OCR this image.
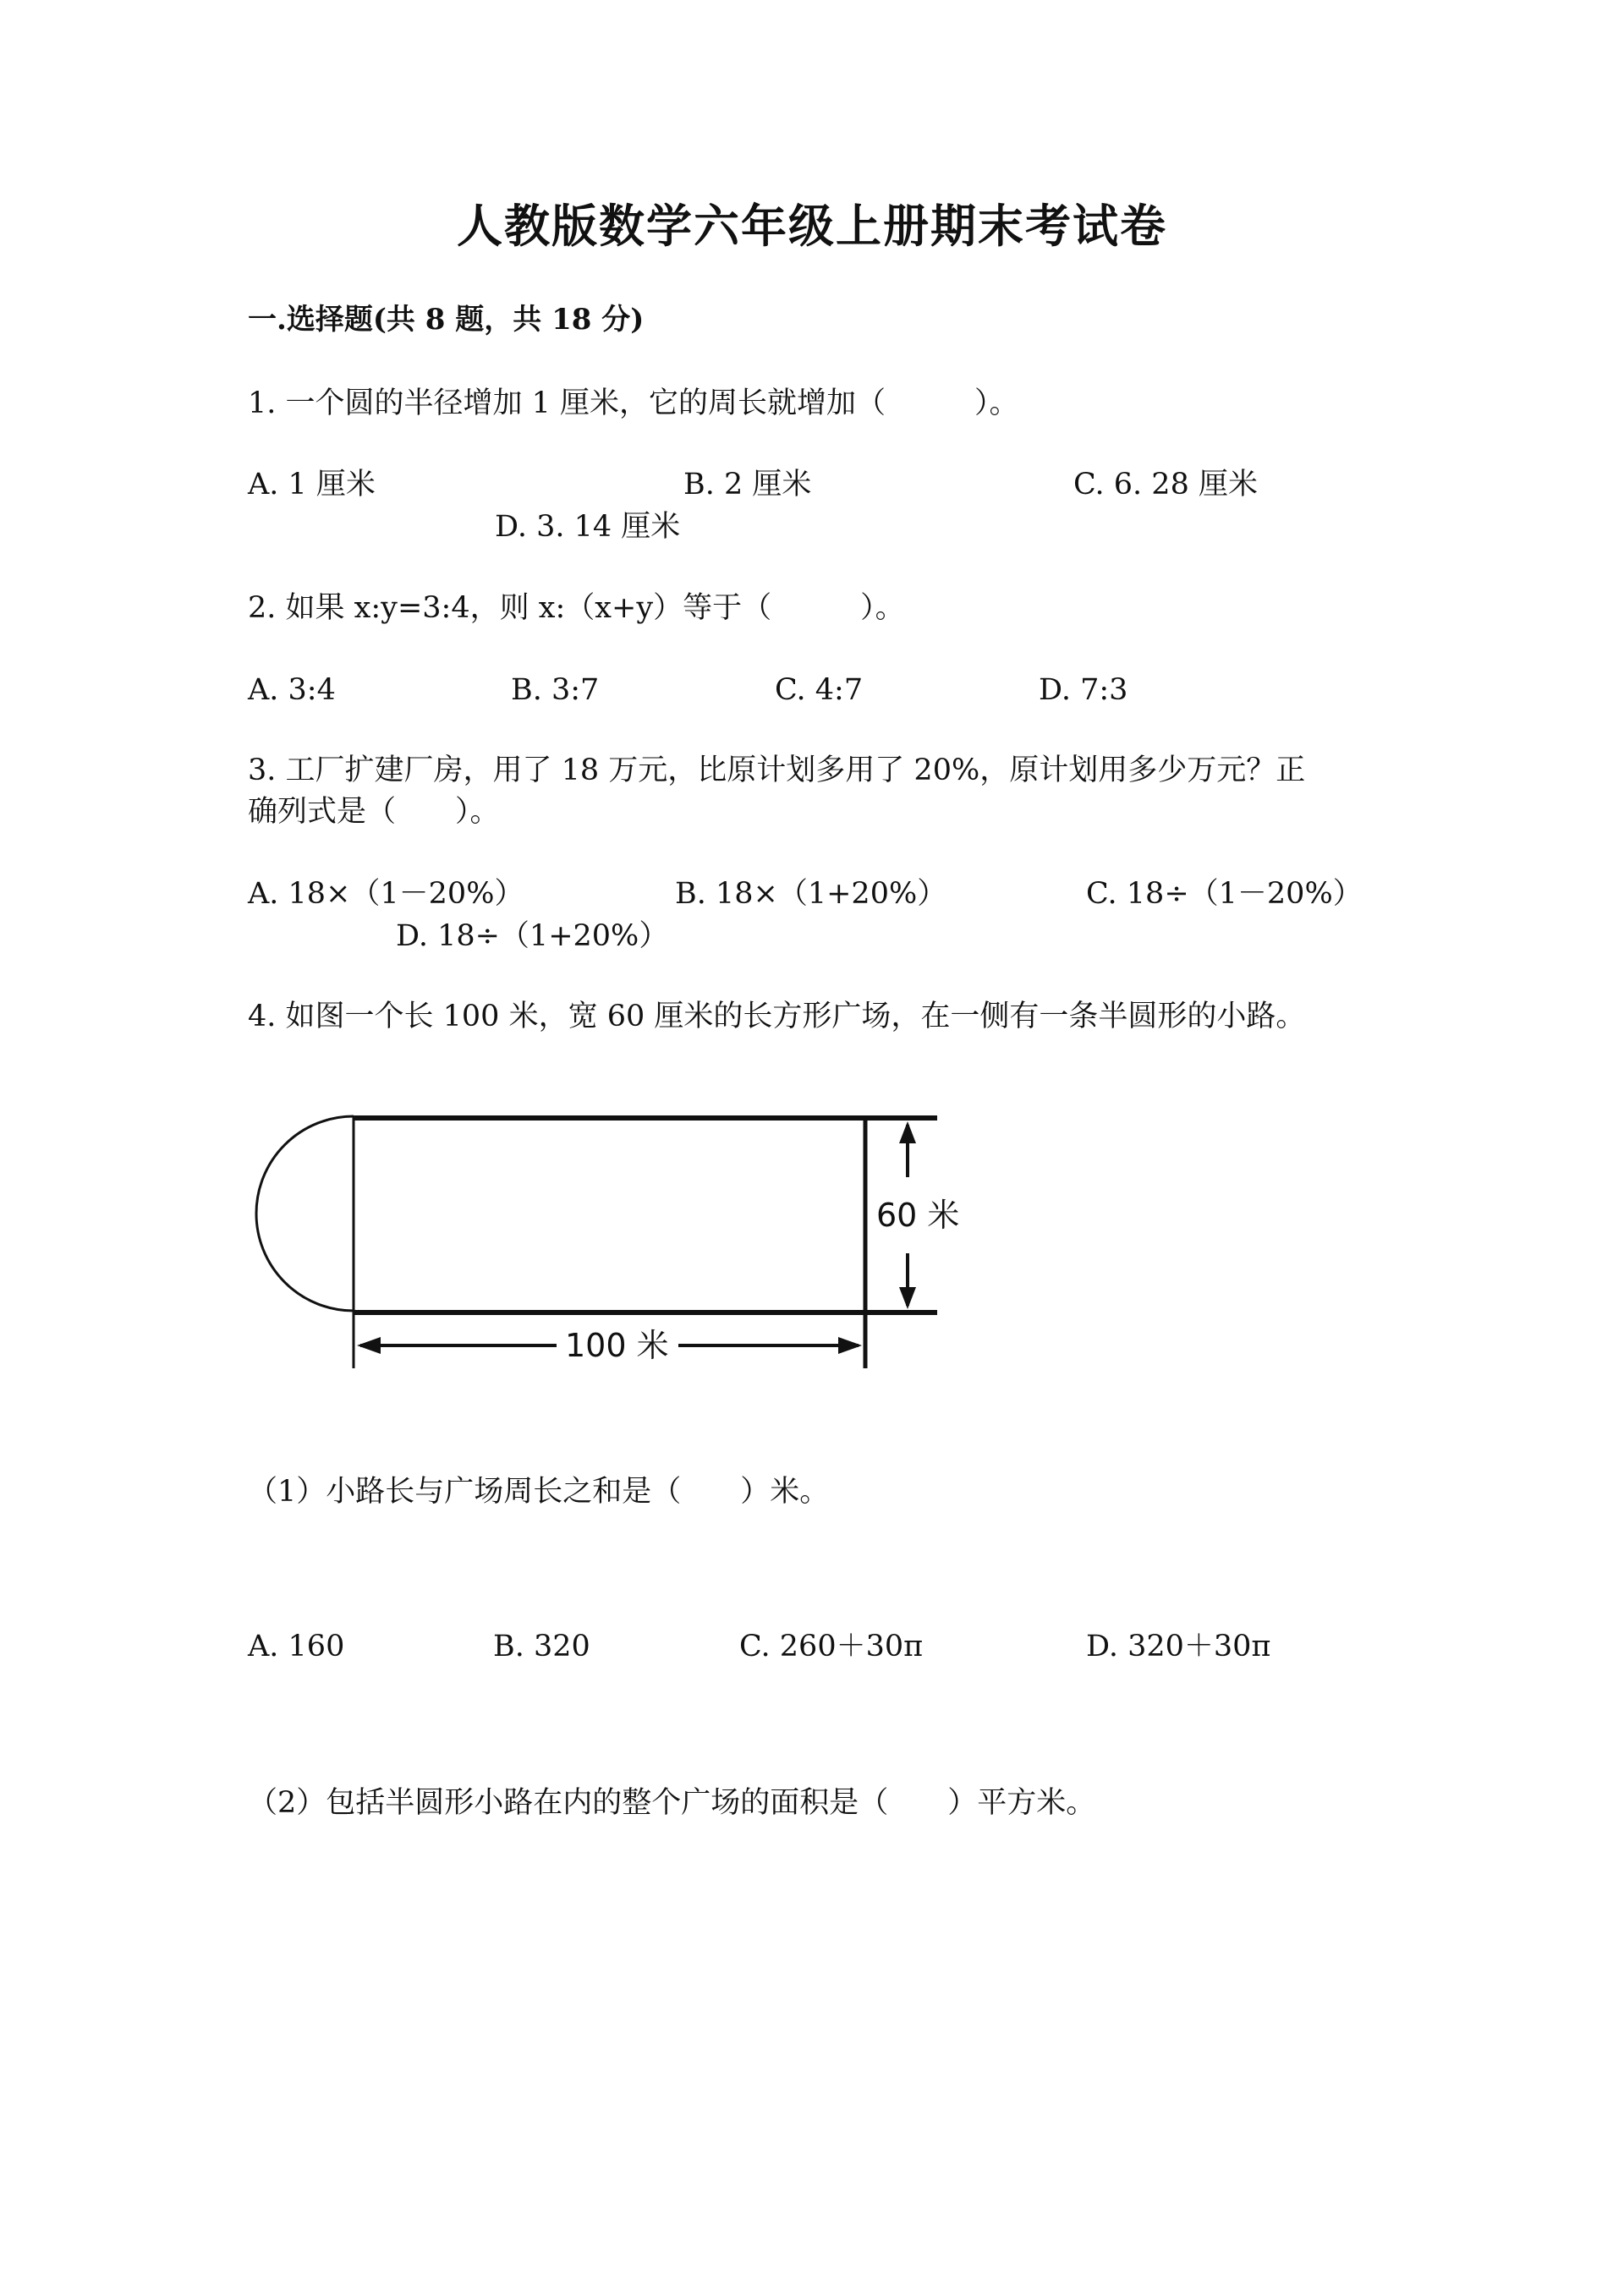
人教版数学六年级上册期末考试卷
一.选择题(共 8 题，共 18 分)
1. 一个圆的半径增加 1 厘米，它的周长就增加（　　　）。
A. 1 厘米	B. 2 厘米	C. 6. 28 厘米
D. 3. 14 厘米
2. 如果 x:y=3:4，则 x:（x+y）等于（　　　）。
A. 3:4	B. 3:7	C. 4:7	D. 7:3
3. 工厂扩建厂房，用了 18 万元，比原计划多用了 20%，原计划用多少万元？正
确列式是（　　）。
A. 18×（1－20%）	B. 18×（1+20%）	C. 18÷（1－20%）
D. 18÷（1+20%）
4. 如图一个长 100 米，宽 60 厘米的长方形广场，在一侧有一条半圆形的小路。
60 米
100 米
（1）小路长与广场周长之和是（　　）米。
A. 160	B. 320	C. 260＋30π	D. 320＋30π
（2）包括半圆形小路在内的整个广场的面积是（　　）平方米。
